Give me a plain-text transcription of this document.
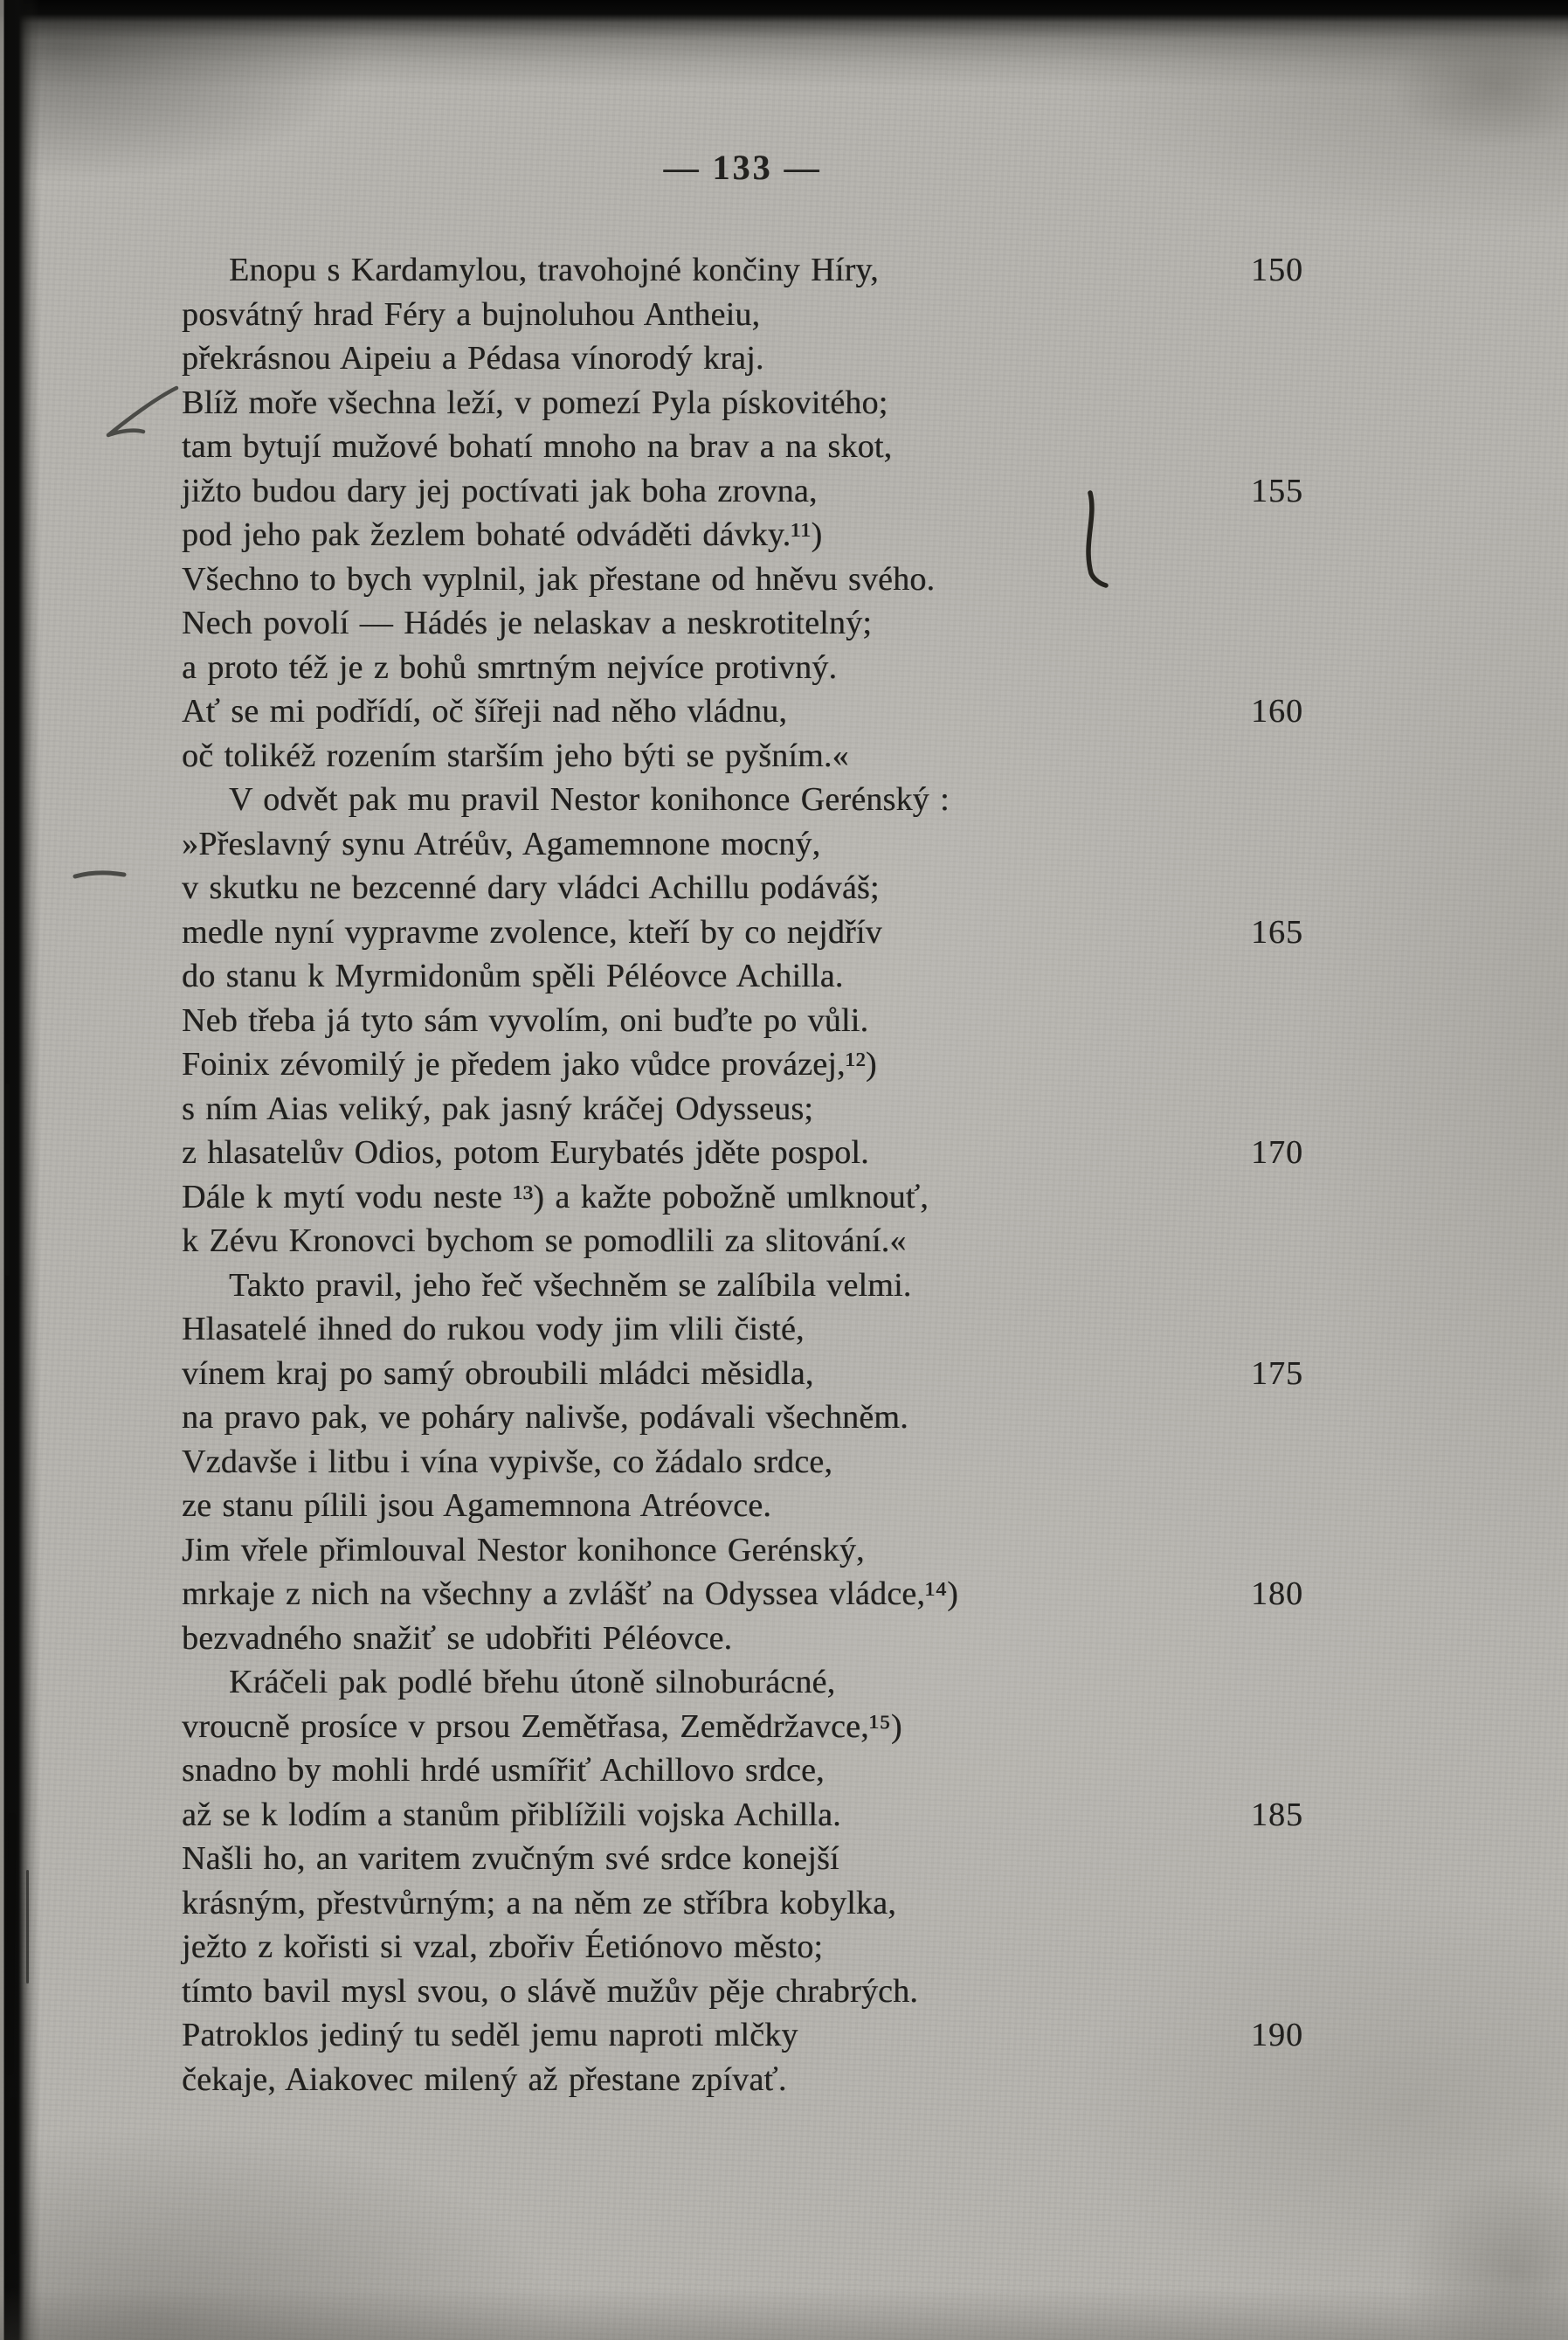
— 133 —
Enopu s Kardamylou, travohojné končiny Híry,	150
posvátný hrad Féry a bujnoluhou Antheiu,
překrásnou Aipeiu a Pédasa vínorodý kraj.
Blíž moře všechna leží, v pomezí Pyla pískovitého;
tam bytují mužové bohatí mnoho na brav a na skot,
jižto budou dary jej poctívati jak boha zrovna,	155
pod jeho pak žezlem bohaté odváděti dávky.¹¹)
Všechno to bych vyplnil, jak přestane od hněvu svého.
Nech povolí — Hádés je nelaskav a neskrotitelný;
a proto též je z bohů smrtným nejvíce protivný.
Ať se mi podřídí, oč šířeji nad něho vládnu,	160
oč tolikéž rozením starším jeho býti se pyšním.«
V odvět pak mu pravil Nestor konihonce Gerénský :
»Přeslavný synu Atréův, Agamemnone mocný,
v skutku ne bezcenné dary vládci Achillu podáváš;
medle nyní vypravme zvolence, kteří by co nejdřív	165
do stanu k Myrmidonům spěli Péléovce Achilla.
Neb třeba já tyto sám vyvolím, oni buďte po vůli.
Foinix zévomilý je předem jako vůdce provázej,¹²)
s ním Aias veliký, pak jasný kráčej Odysseus;
z hlasatelův Odios, potom Eurybatés jděte pospol.	170
Dále k mytí vodu neste ¹³) a kažte pobožně umlknouť,
k Zévu Kronovci bychom se pomodlili za slitování.«
Takto pravil, jeho řeč všechněm se zalíbila velmi.
Hlasatelé ihned do rukou vody jim vlili čisté,
vínem kraj po samý obroubili mládci měsidla,	175
na pravo pak, ve poháry nalivše, podávali všechněm.
Vzdavše i litbu i vína vypivše, co žádalo srdce,
ze stanu pílili jsou Agamemnona Atréovce.
Jim vřele přimlouval Nestor konihonce Gerénský,
mrkaje z nich na všechny a zvlášť na Odyssea vládce,¹⁴)	180
bezvadného snažiť se udobřiti Péléovce.
Kráčeli pak podlé břehu útoně silnoburácné,
vroucně prosíce v prsou Zemětřasa, Zemědržavce,¹⁵)
snadno by mohli hrdé usmířiť Achillovo srdce,
až se k lodím a stanům přiblížili vojska Achilla.	185
Našli ho, an varitem zvučným své srdce konejší
krásným, přestvůrným; a na něm ze stříbra kobylka,
ježto z kořisti si vzal, zbořiv Éetiónovo město;
tímto bavil mysl svou, o slávě mužův pěje chrabrých.
Patroklos jediný tu seděl jemu naproti mlčky	190
čekaje, Aiakovec milený až přestane zpívať.
